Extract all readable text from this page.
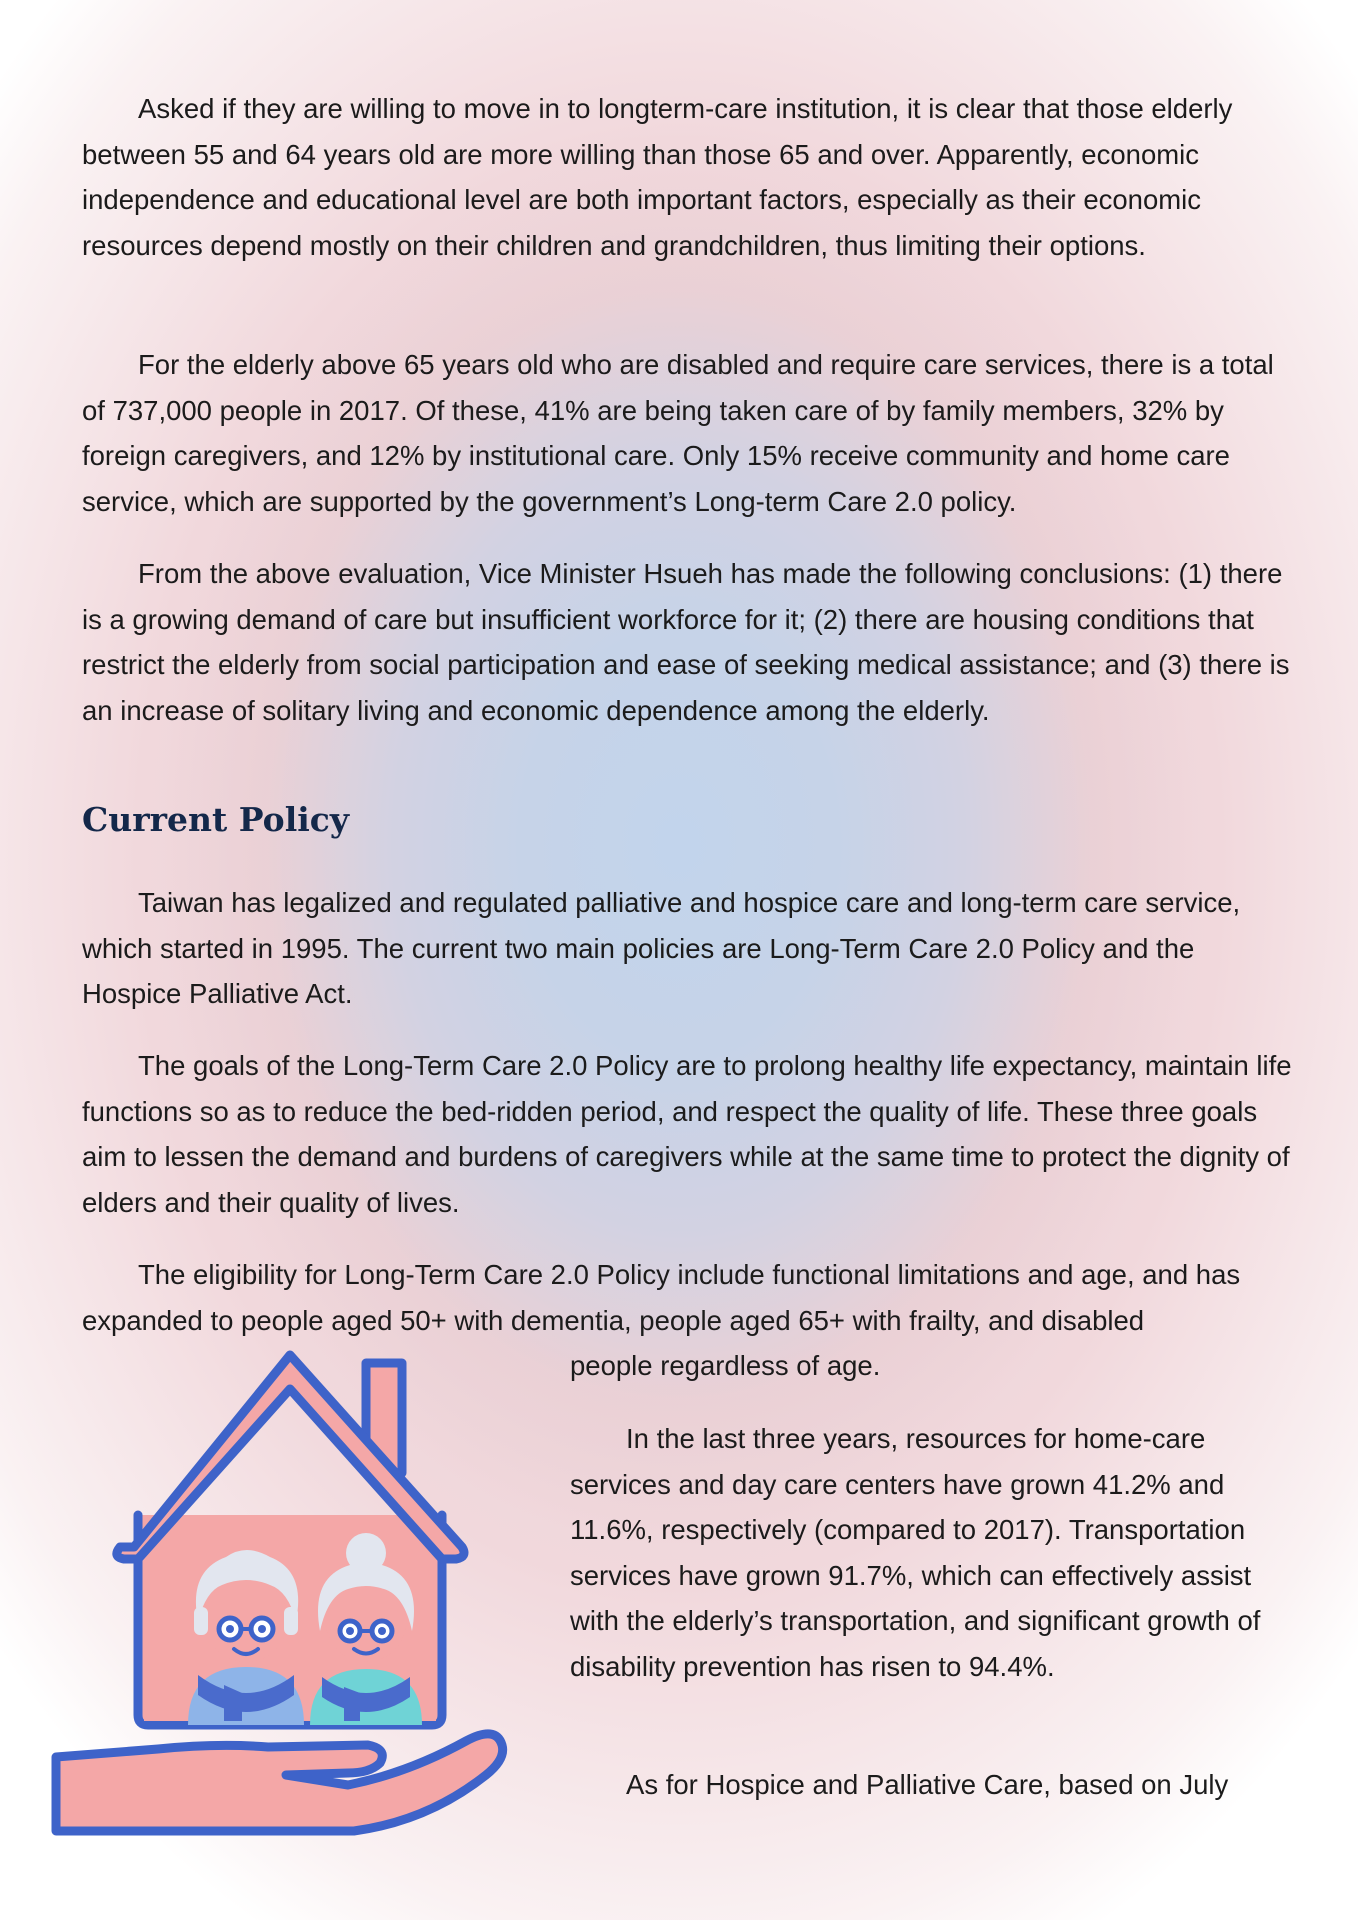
Asked if they are willing to move in to longterm-care institution, it is clear that those elderly between 55 and 64 years old are more willing than those 65 and over. Apparently, economic independence and educational level are both important factors, especially as their economic resources depend mostly on their children and grandchildren, thus limiting their options.

For the elderly above 65 years old who are disabled and require care services, there is a total of 737,000 people in 2017. Of these, 41% are being taken care of by family members, 32% by foreign caregivers, and 12% by institutional care. Only 15% receive community and home care service, which are supported by the government’s Long-term Care 2.0 policy.

From the above evaluation, Vice Minister Hsueh has made the following conclusions: (1) there is a growing demand of care but insufficient workforce for it; (2) there are housing conditions that restrict the elderly from social participation and ease of seeking medical assistance; and (3) there is an increase of solitary living and economic dependence among the elderly.

Current Policy

Taiwan has legalized and regulated palliative and hospice care and long-term care service, which started in 1995. The current two main policies are Long-Term Care 2.0 Policy and the Hospice Palliative Act.

The goals of the Long-Term Care 2.0 Policy are to prolong healthy life expectancy, maintain life functions so as to reduce the bed-ridden period, and respect the quality of life. These three goals aim to lessen the demand and burdens of caregivers while at the same time to protect the dignity of elders and their quality of lives.

The eligibility for Long-Term Care 2.0 Policy include functional limitations and age, and has expanded to people aged 50+ with dementia, people aged 65+ with frailty, and disabled

people regardless of age.

In the last three years, resources for home-care services and day care centers have grown 41.2% and 11.6%, respectively (compared to 2017). Transportation services have grown 91.7%, which can effectively assist with the elderly’s transportation, and significant growth of disability prevention has risen to 94.4%.

As for Hospice and Palliative Care, based on July
